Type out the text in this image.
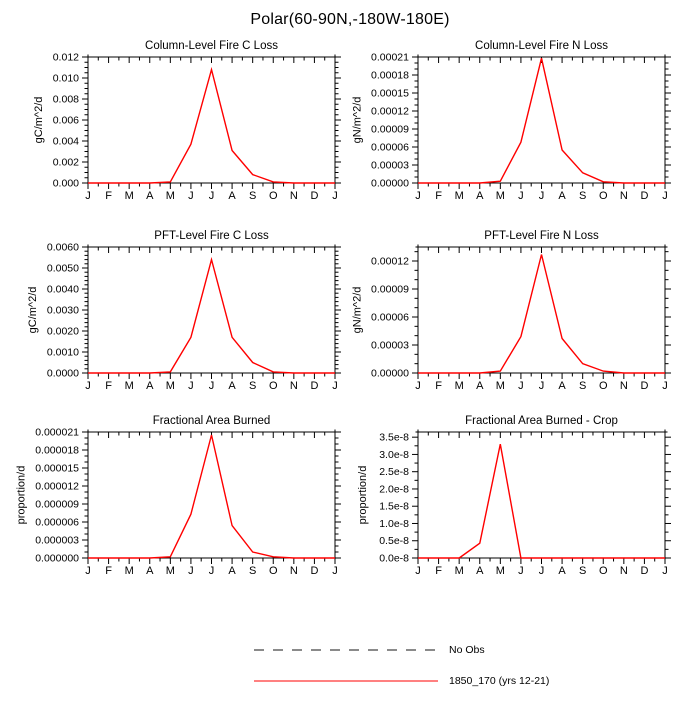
Polar(60-90N,-180W-180E)
J F M A M J J A S O N D J
0.000
0.002
0.004
0.006
0.008
0.010
0.012
Column-Level Fire C Loss
gC/m^2/d
J F M A M J J A S O N D J
0.00000
0.00003
0.00006
0.00009
0.00012
0.00015
0.00018
0.00021
Column-Level Fire N Loss
gN/m^2/d
J F M A M J J A S O N D J
0.0000
0.0010
0.0020
0.0030
0.0040
0.0050
0.0060
PFT-Level Fire C Loss
gC/m^2/d
J F M A M J J A S O N D J
0.00000
0.00003
0.00006
0.00009
0.00012
PFT-Level Fire N Loss
gN/m^2/d
J F M A M J J A S O N D J
0.000000
0.000003
0.000006
0.000009
0.000012
0.000015
0.000018
0.000021
Fractional Area Burned
proportion/d
J F M A M J J A S O N D J
0.0e-8
0.5e-8
1.0e-8
1.5e-8
2.0e-8
2.5e-8
3.0e-8
3.5e-8
Fractional Area Burned - Crop
proportion/d
No Obs
1850_170 (yrs 12-21)
